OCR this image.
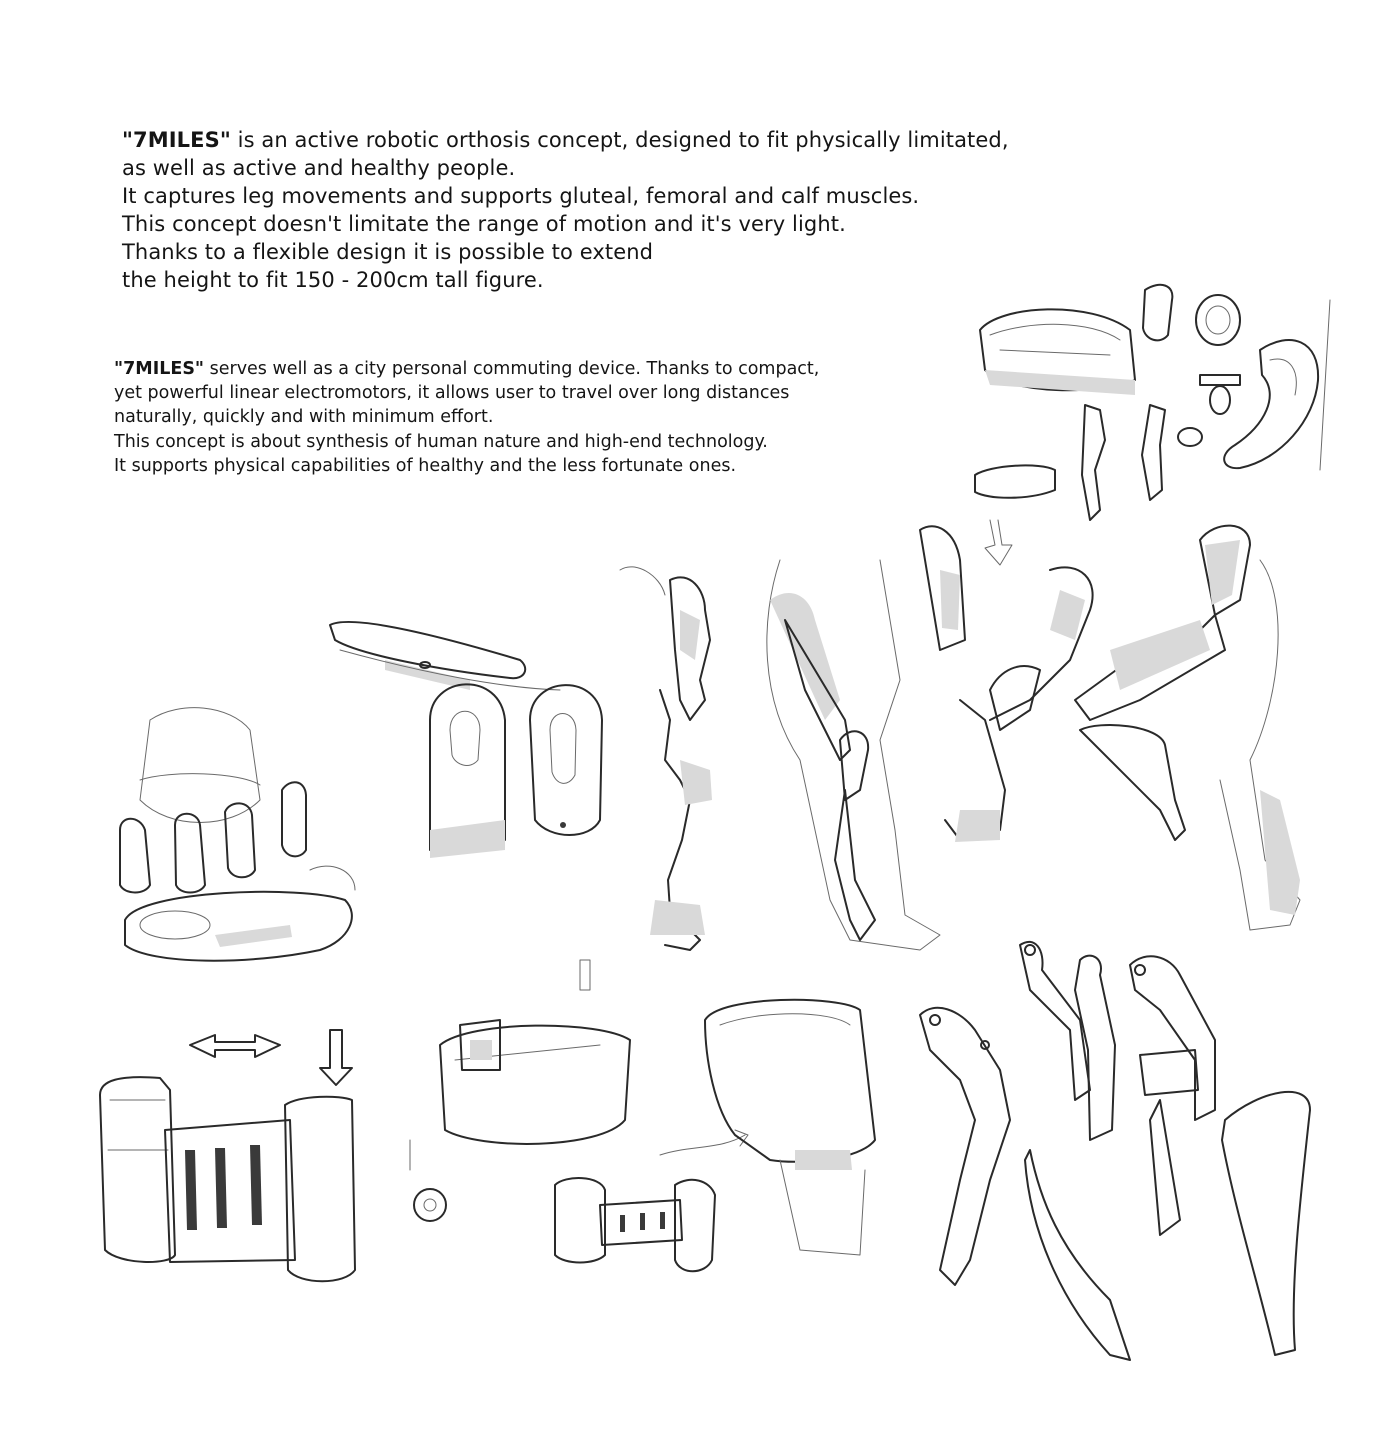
"7MILES" is an active robotic orthosis concept, designed to fit physically limitated,
as well as active and healthy people.
It captures leg movements and supports gluteal, femoral and calf muscles.
This concept doesn't limitate the range of motion and it's very light.
Thanks to a flexible design it is possible to extend
the height to fit 150 - 200cm tall figure.
"7MILES" serves well as a city personal commuting device. Thanks to compact,
yet powerful linear electromotors, it allows user to travel over long distances
naturally, quickly and with minimum effort.
This concept is about synthesis of human nature and high-end technology.
It supports physical capabilities of healthy and the less fortunate ones.
